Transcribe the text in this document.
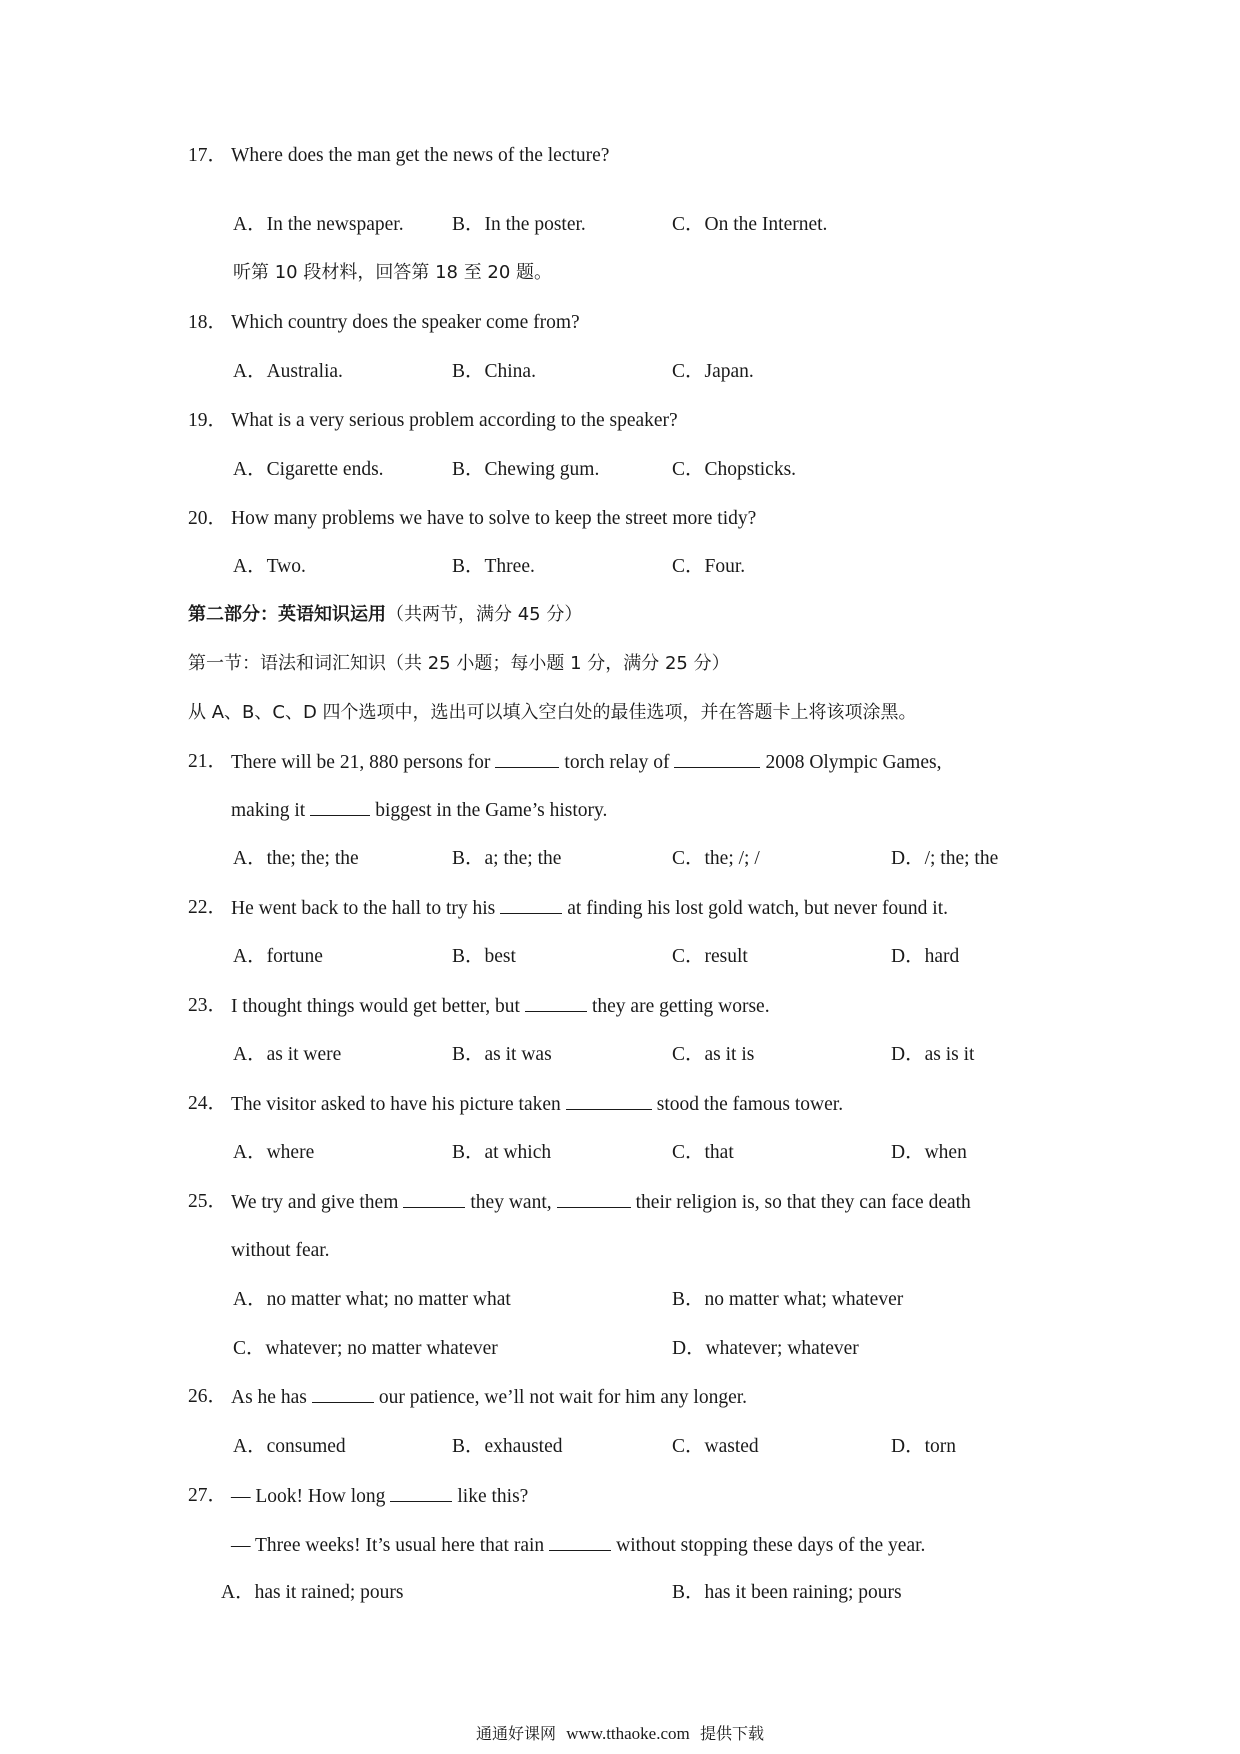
17． Where does the man get the news of the lecture?
A．In the newspaper. B．In the poster.	C．On the Internet.
听第 10 段材料，回答第 18 至 20 题。
18． Which country does the speaker come from?
A．Australia.	B．China.	C．Japan.
19． What is a very serious problem according to the speaker?
A．Cigarette ends.	B．Chewing gum.	C．Chopsticks.
20． How many problems we have to solve to keep the street more tidy?
A．Two.	B．Three.	C．Four.
第二部分：英语知识运用（共两节，满分 45 分）
第一节：语法和词汇知识（共 25 小题；每小题 1 分，满分 25 分）
从 A、B、C、D 四个选项中，选出可以填入空白处的最佳选项，并在答题卡上将该项涂黑。
21． There will be 21, 880 persons for	torch relay of	2008 Olympic Games,
making it	biggest in the Game’s history.
A．the; the; the	B．a; the; the	C．the; /; /	D．/; the; the
22． He went back to the hall to try his	at finding his lost gold watch, but never found it.
A．fortune	B．best	C．result	D．hard
23． I thought things would get better, but	they are getting worse.
A．as it were	B．as it was	C．as it is	D．as is it
24． The visitor asked to have his picture taken	stood the famous tower.
A．where	B．at which	C．that	D．when
25． We try and give them	they want,	their religion is, so that they can face death
without fear.
A．no matter what; no matter what	B．no matter what; whatever
C．whatever; no matter whatever	D．whatever; whatever
26． As he has	our patience, we’ll not wait for him any longer.
A．consumed	B．exhausted	C．wasted	D．torn
27． — Look! How long	like this?
— Three weeks! It’s usual here that rain	without stopping these days of the year.
A．has it rained; pours	B．has it been raining; pours
通通好课网 www.tthaoke.com 提供下载
